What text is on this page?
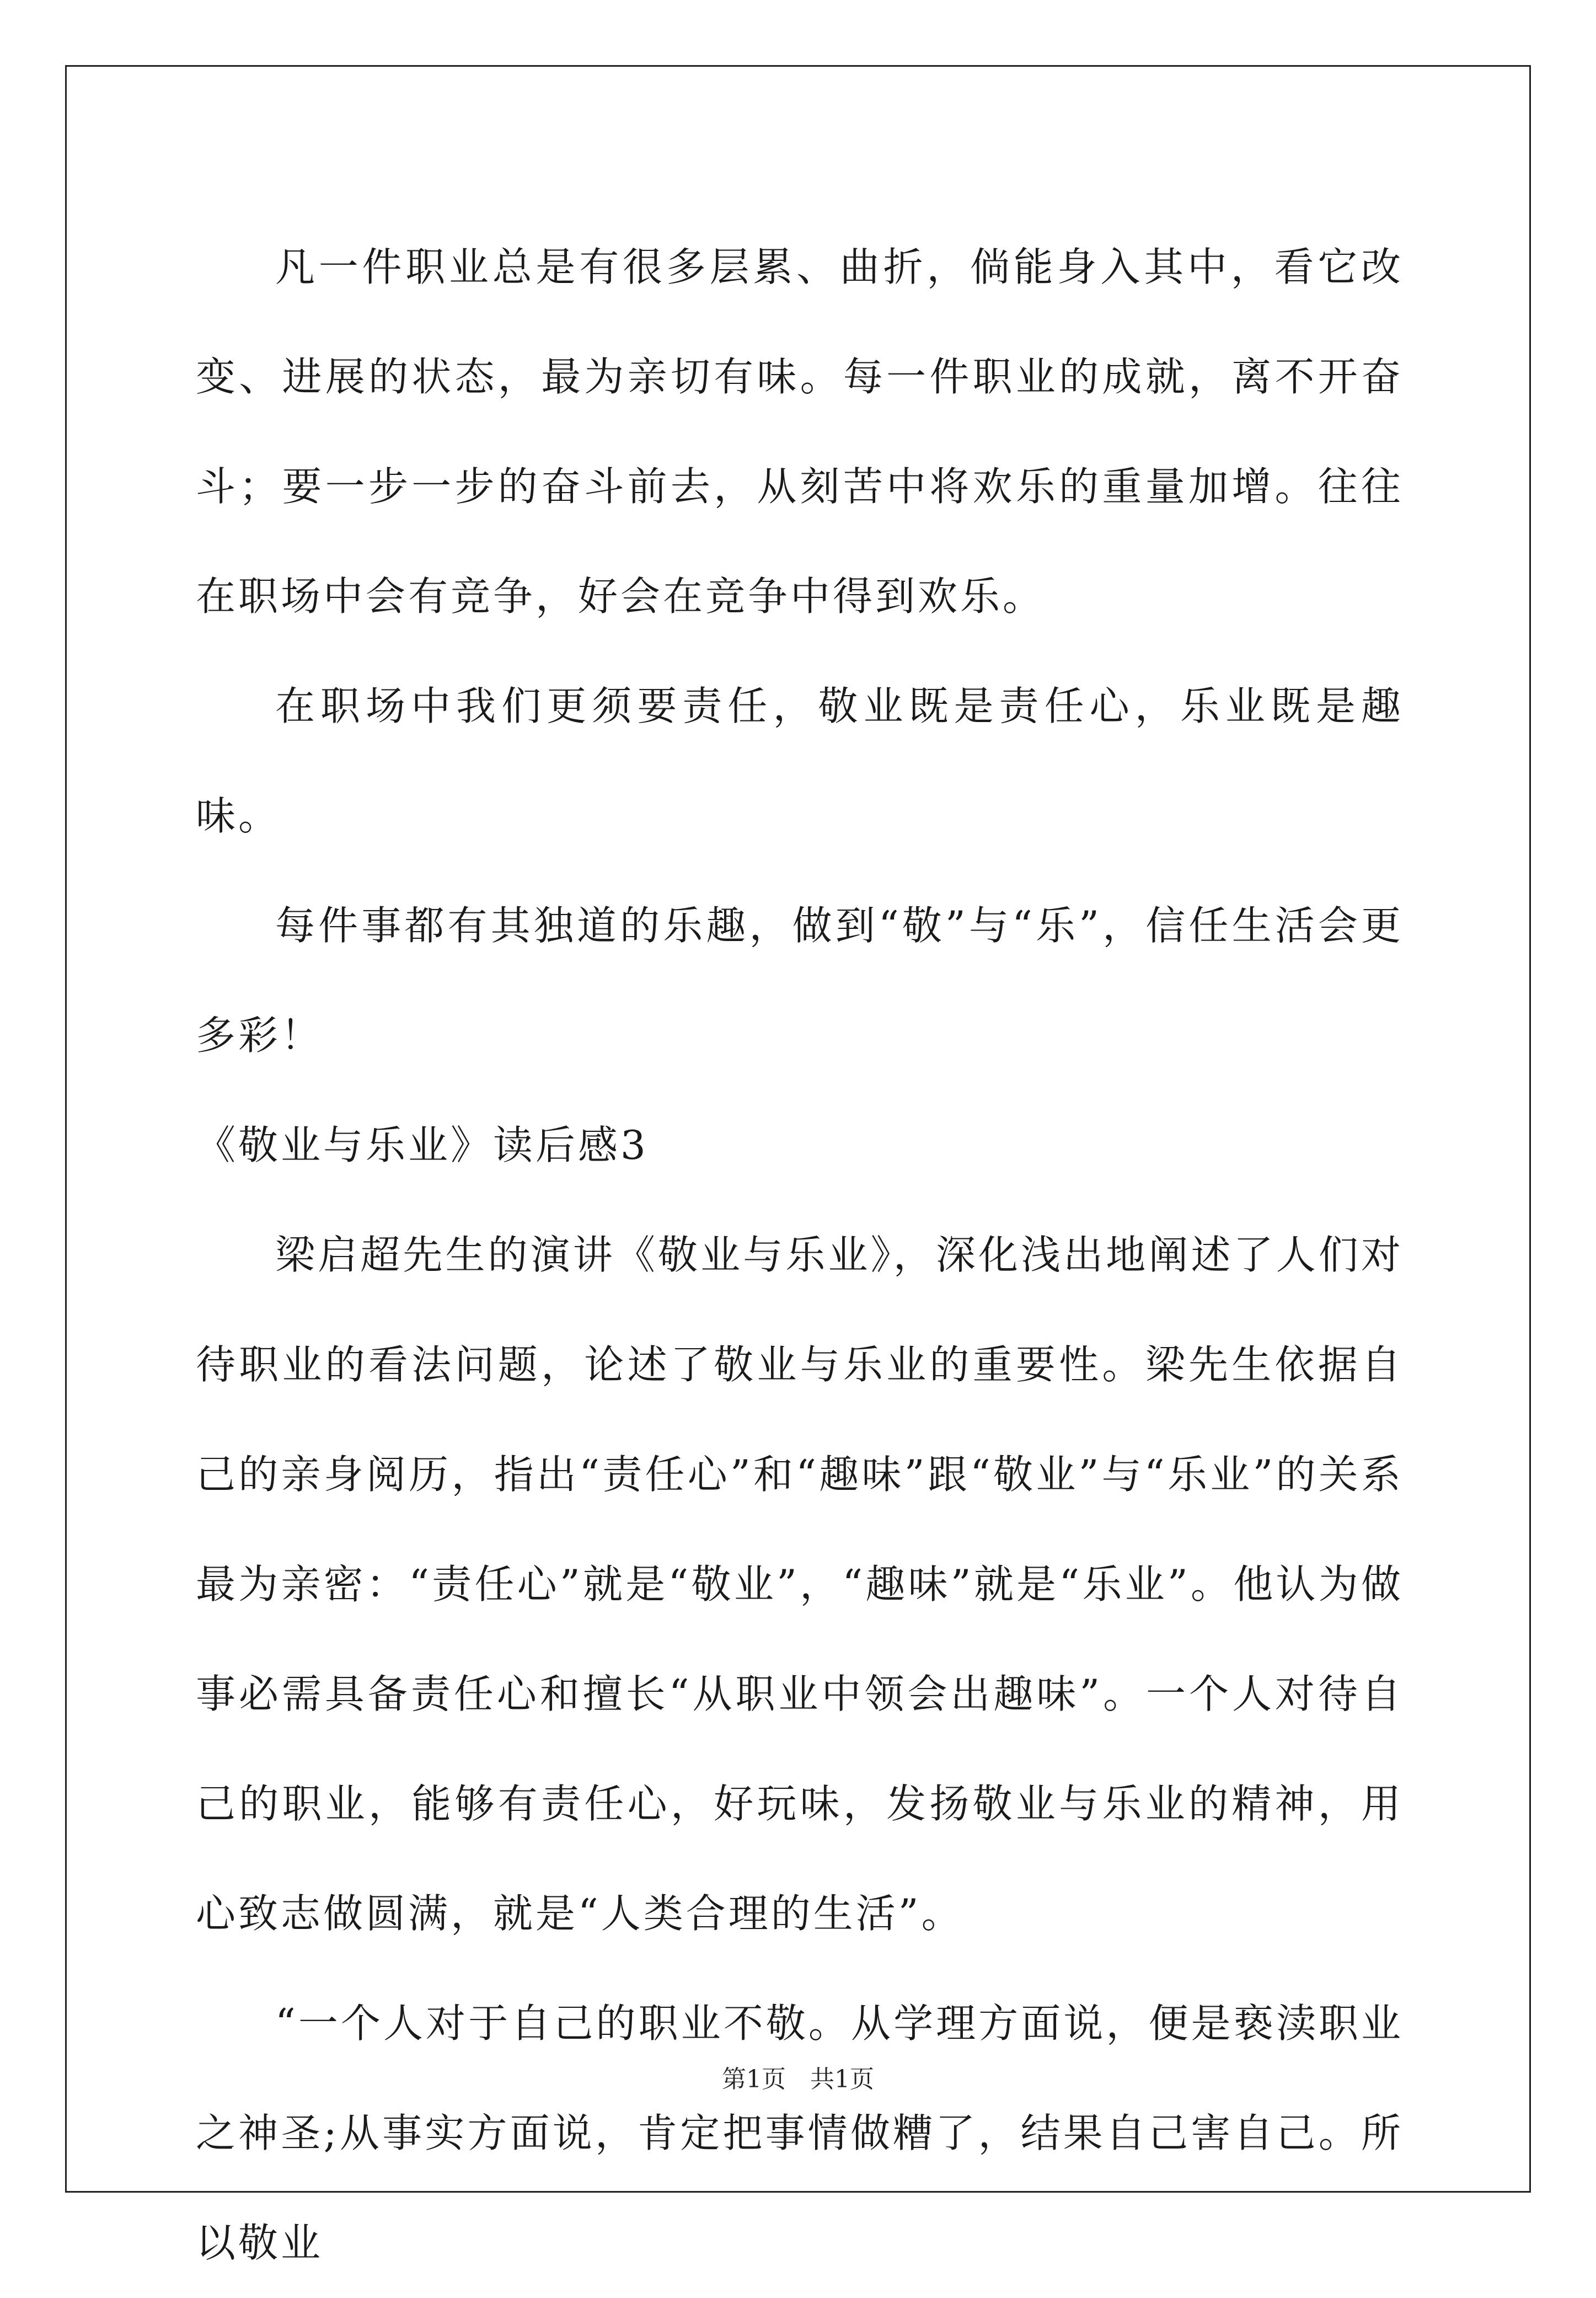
凡一件职业总是有很多层累、曲折，倘能身入其中，看它改变、进展的状态，最为亲切有味。每一件职业的成就，离不开奋斗；要一步一步的奋斗前去，从刻苦中将欢乐的重量加增。往往在职场中会有竞争，好会在竞争中得到欢乐。

在职场中我们更须要责任，敬业既是责任心，乐业既是趣味。

每件事都有其独道的乐趣，做到“敬”与“乐”，信任生活会更多彩！

《敬业与乐业》读后感3

梁启超先生的演讲《敬业与乐业》，深化浅出地阐述了人们对待职业的看法问题，论述了敬业与乐业的重要性。梁先生依据自己的亲身阅历，指出“责任心”和“趣味”跟“敬业”与“乐业”的关系最为亲密：“责任心”就是“敬业”，“趣味”就是“乐业”。他认为做事必需具备责任心和擅长“从职业中领会出趣味”。一个人对待自己的职业，能够有责任心，好玩味，发扬敬业与乐业的精神，用心致志做圆满，就是“人类合理的生活”。

“一个人对于自己的职业不敬。从学理方面说，便是亵渎职业之神圣;从事实方面说，肯定把事情做糟了，结果自己害自己。所以敬业

第1页 共1页
